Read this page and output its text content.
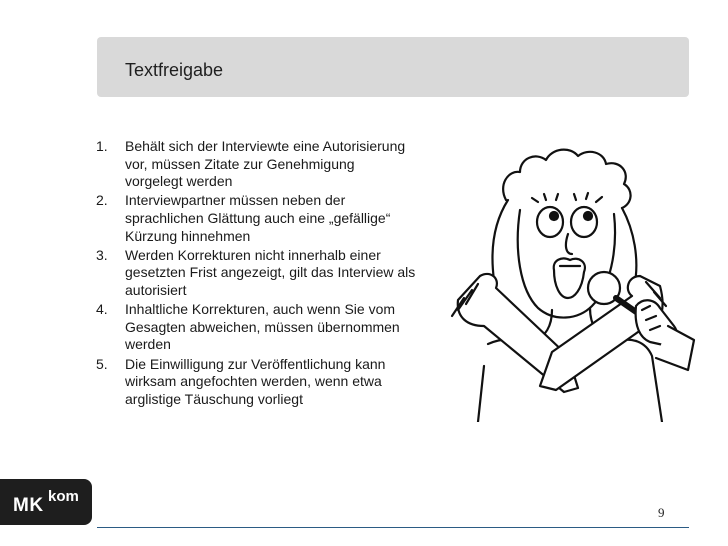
Textfreigabe
1. Behält sich der Interviewte eine Autorisierung vor, müssen Zitate zur Genehmigung vorgelegt werden
2. Interviewpartner müssen neben der sprachlichen Glättung auch eine „gefällige“ Kürzung hinnehmen
3. Werden Korrekturen nicht innerhalb einer gesetzten Frist angezeigt, gilt das Interview als autorisiert
4. Inhaltliche Korrekturen, auch wenn Sie vom Gesagten abweichen, müssen übernommen werden
5. Die Einwilligung zur Veröffentlichung kann wirksam angefochten werden, wenn etwa arglistige Täuschung vorliegt
MK kom
9
